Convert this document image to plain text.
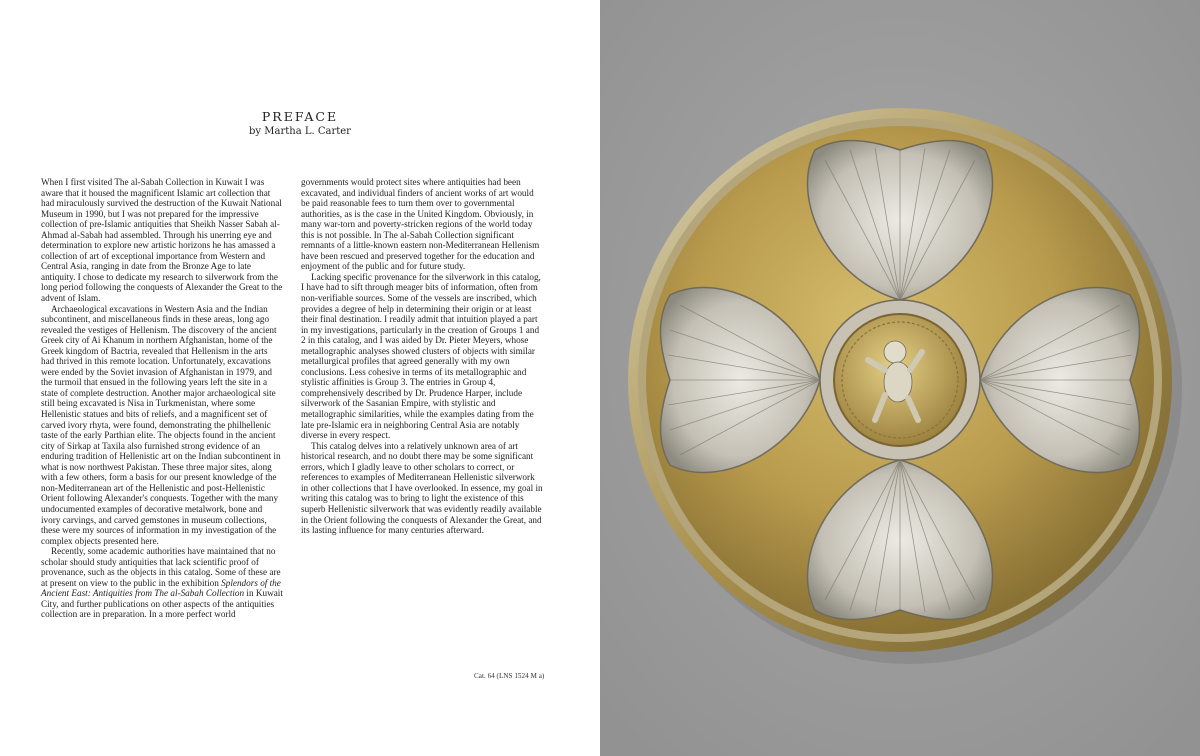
PREFACE
by Martha L. Carter

When I first visited The al-Sabah Collection in Kuwait I was aware that it housed the magnificent Islamic art collection that had miraculously survived the destruction of the Kuwait National Museum in 1990, but I was not prepared for the impressive collection of pre-Islamic antiquities that Sheikh Nasser Sabah al-Ahmad al-Sabah had assembled. Through his unerring eye and determination to explore new artistic horizons he has amassed a collection of art of exceptional importance from Western and Central Asia, ranging in date from the Bronze Age to late antiquity. I chose to dedicate my research to silverwork from the long period following the conquests of Alexander the Great to the advent of Islam.

Archaeological excavations in Western Asia and the Indian subcontinent, and miscellaneous finds in these areas, long ago revealed the vestiges of Hellenism. The discovery of the ancient Greek city of Ai Khanum in northern Afghanistan, home of the Greek kingdom of Bactria, revealed that Hellenism in the arts had thrived in this remote location. Unfortunately, excavations were ended by the Soviet invasion of Afghanistan in 1979, and the turmoil that ensued in the following years left the site in a state of complete destruction. Another major archaeological site still being excavated is Nisa in Turkmenistan, where some Hellenistic statues and bits of reliefs, and a magnificent set of carved ivory rhyta, were found, demonstrating the philhellenic taste of the early Parthian elite. The objects found in the ancient city of Sirkap at Taxila also furnished strong evidence of an enduring tradition of Hellenistic art on the Indian subcontinent in what is now northwest Pakistan. These three major sites, along with a few others, form a basis for our present knowledge of the non-Mediterranean art of the Hellenistic and post-Hellenistic Orient following Alexander's conquests. Together with the many undocumented examples of decorative metalwork, bone and ivory carvings, and carved gemstones in museum collections, these were my sources of information in my investigation of the complex objects presented here.

Recently, some academic authorities have maintained that no scholar should study antiquities that lack scientific proof of provenance, such as the objects in this catalog. Some of these are at present on view to the public in the exhibition Splendors of the Ancient East: Antiquities from The al-Sabah Collection in Kuwait City, and further publications on other aspects of the antiquities collection are in preparation. In a more perfect world

governments would protect sites where antiquities had been excavated, and individual finders of ancient works of art would be paid reasonable fees to turn them over to governmental authorities, as is the case in the United Kingdom. Obviously, in many war-torn and poverty-stricken regions of the world today this is not possible. In The al-Sabah Collection significant remnants of a little-known eastern non-Mediterranean Hellenism have been rescued and preserved together for the education and enjoyment of the public and for future study.

Lacking specific provenance for the silverwork in this catalog, I have had to sift through meager bits of information, often from non-verifiable sources. Some of the vessels are inscribed, which provides a degree of help in determining their origin or at least their final destination. I readily admit that intuition played a part in my investigations, particularly in the creation of Groups 1 and 2 in this catalog, and I was aided by Dr. Pieter Meyers, whose metallographic analyses showed clusters of objects with similar metallurgical profiles that agreed generally with my own conclusions. Less cohesive in terms of its metallographic and stylistic affinities is Group 3. The entries in Group 4, comprehensively described by Dr. Prudence Harper, include silverwork of the Sasanian Empire, with stylistic and metallographic similarities, while the examples dating from the late pre-Islamic era in neighboring Central Asia are notably diverse in every respect.

This catalog delves into a relatively unknown area of art historical research, and no doubt there may be some significant errors, which I gladly leave to other scholars to correct, or references to examples of Mediterranean Hellenistic silverwork in other collections that I have overlooked. In essence, my goal in writing this catalog was to bring to light the existence of this superb Hellenistic silverwork that was evidently readily available in the Orient following the conquests of Alexander the Great, and its lasting influence for many centuries afterward.

Cat. 64 (LNS 1524 M a)
